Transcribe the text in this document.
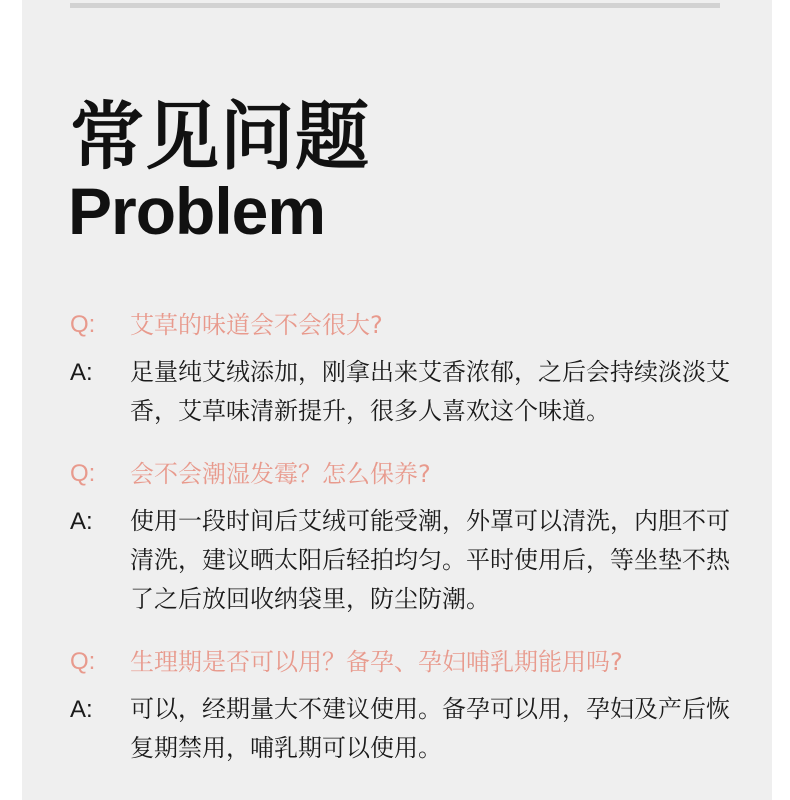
常见问题
Problem
Q:	艾草的味道会不会很大?
A:	足量纯艾绒添加，刚拿出来艾香浓郁，之后会持续淡淡艾香，艾草味清新提升，很多人喜欢这个味道。
Q:	会不会潮湿发霉？怎么保养?
A:	使用一段时间后艾绒可能受潮，外罩可以清洗，内胆不可清洗，建议晒太阳后轻拍均匀。平时使用后，等坐垫不热了之后放回收纳袋里，防尘防潮。
Q:	生理期是否可以用？备孕、孕妇哺乳期能用吗?
A:	可以，经期量大不建议使用。备孕可以用，孕妇及产后恢复期禁用，哺乳期可以使用。
